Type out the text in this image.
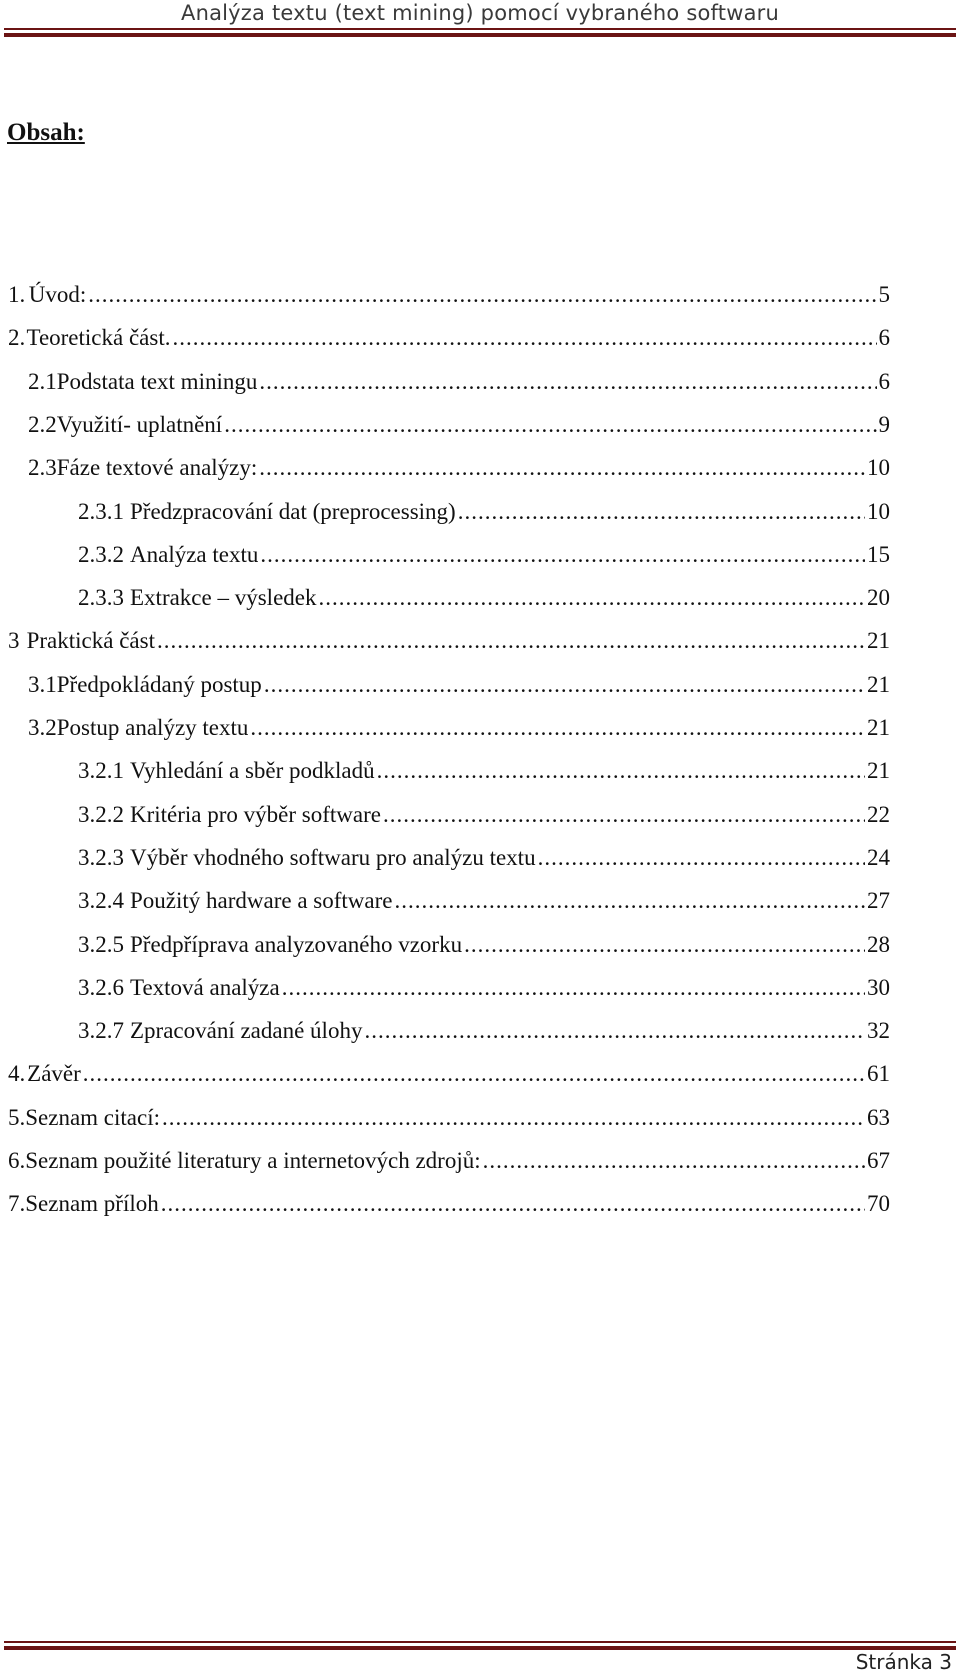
Analýza textu (text mining) pomocí vybraného softwaru
Obsah:
1. Úvod: .....	5
2. Teoretická část. .....	6
2.1 Podstata text miningu .....	6
2.2 Využití- uplatnění .....	9
2.3 Fáze textové analýzy: .....	10
2.3.1 Předzpracování dat (preprocessing) .....	10
2.3.2 Analýza textu .....	15
2.3.3 Extrakce – výsledek .....	20
3 Praktická část .....	21
3.1 Předpokládaný postup .....	21
3.2 Postup analýzy textu .....	21
3.2.1 Vyhledání a sběr podkladů .....	21
3.2.2 Kritéria pro výběr software .....	22
3.2.3 Výběr vhodného softwaru pro analýzu textu .....	24
3.2.4 Použitý hardware a software .....	27
3.2.5 Předpříprava analyzovaného vzorku .....	28
3.2.6 Textová analýza .....	30
3.2.7 Zpracování zadané úlohy .....	32
4. Závěr .....	61
5. Seznam citací: .....	63
6. Seznam použité literatury a internetových zdrojů: .....	67
7. Seznam příloh .....	70
Stránka 3
